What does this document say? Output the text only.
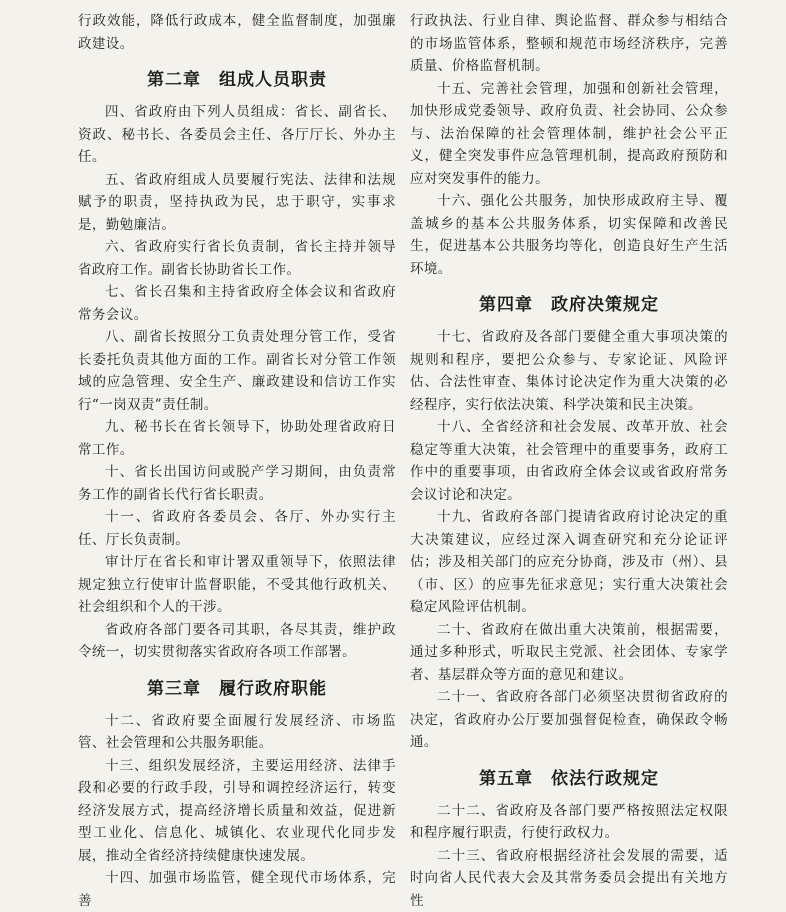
行政效能，降低行政成本，健全监督制度，加强廉政建设。

第二章 组成人员职责

四、省政府由下列人员组成：省长、副省长、资政、秘书长、各委员会主任、各厅厅长、外办主任。

五、省政府组成人员要履行宪法、法律和法规赋予的职责，坚持执政为民，忠于职守，实事求是，勤勉廉洁。

六、省政府实行省长负责制，省长主持并领导省政府工作。副省长协助省长工作。

七、省长召集和主持省政府全体会议和省政府常务会议。

八、副省长按照分工负责处理分管工作，受省长委托负责其他方面的工作。副省长对分管工作领域的应急管理、安全生产、廉政建设和信访工作实行“一岗双责”责任制。

九、秘书长在省长领导下，协助处理省政府日常工作。

十、省长出国访问或脱产学习期间，由负责常务工作的副省长代行省长职责。

十一、省政府各委员会、各厅、外办实行主任、厅长负责制。

审计厅在省长和审计署双重领导下，依照法律规定独立行使审计监督职能，不受其他行政机关、社会组织和个人的干涉。

省政府各部门要各司其职，各尽其责，维护政令统一，切实贯彻落实省政府各项工作部署。

第三章 履行政府职能

十二、省政府要全面履行发展经济、市场监管、社会管理和公共服务职能。

十三、组织发展经济，主要运用经济、法律手段和必要的行政手段，引导和调控经济运行，转变经济发展方式，提高经济增长质量和效益，促进新型工业化、信息化、城镇化、农业现代化同步发展，推动全省经济持续健康快速发展。

十四、加强市场监管，健全现代市场体系，完善

行政执法、行业自律、舆论监督、群众参与相结合的市场监管体系，整顿和规范市场经济秩序，完善质量、价格监督机制。

十五、完善社会管理，加强和创新社会管理，加快形成党委领导、政府负责、社会协同、公众参与、法治保障的社会管理体制，维护社会公平正义，健全突发事件应急管理机制，提高政府预防和应对突发事件的能力。

十六、强化公共服务，加快形成政府主导、覆盖城乡的基本公共服务体系，切实保障和改善民生，促进基本公共服务均等化，创造良好生产生活环境。

第四章 政府决策规定

十七、省政府及各部门要健全重大事项决策的规则和程序，要把公众参与、专家论证、风险评估、合法性审查、集体讨论决定作为重大决策的必经程序，实行依法决策、科学决策和民主决策。

十八、全省经济和社会发展、改革开放、社会稳定等重大决策，社会管理中的重要事务，政府工作中的重要事项，由省政府全体会议或省政府常务会议讨论和决定。

十九、省政府各部门提请省政府讨论决定的重大决策建议，应经过深入调查研究和充分论证评估；涉及相关部门的应充分协商，涉及市（州）、县（市、区）的应事先征求意见；实行重大决策社会稳定风险评估机制。

二十、省政府在做出重大决策前，根据需要，通过多种形式，听取民主党派、社会团体、专家学者、基层群众等方面的意见和建议。

二十一、省政府各部门必须坚决贯彻省政府的决定，省政府办公厅要加强督促检查，确保政令畅通。

第五章 依法行政规定

二十二、省政府及各部门要严格按照法定权限和程序履行职责，行使行政权力。

二十三、省政府根据经济社会发展的需要，适时向省人民代表大会及其常务委员会提出有关地方性
